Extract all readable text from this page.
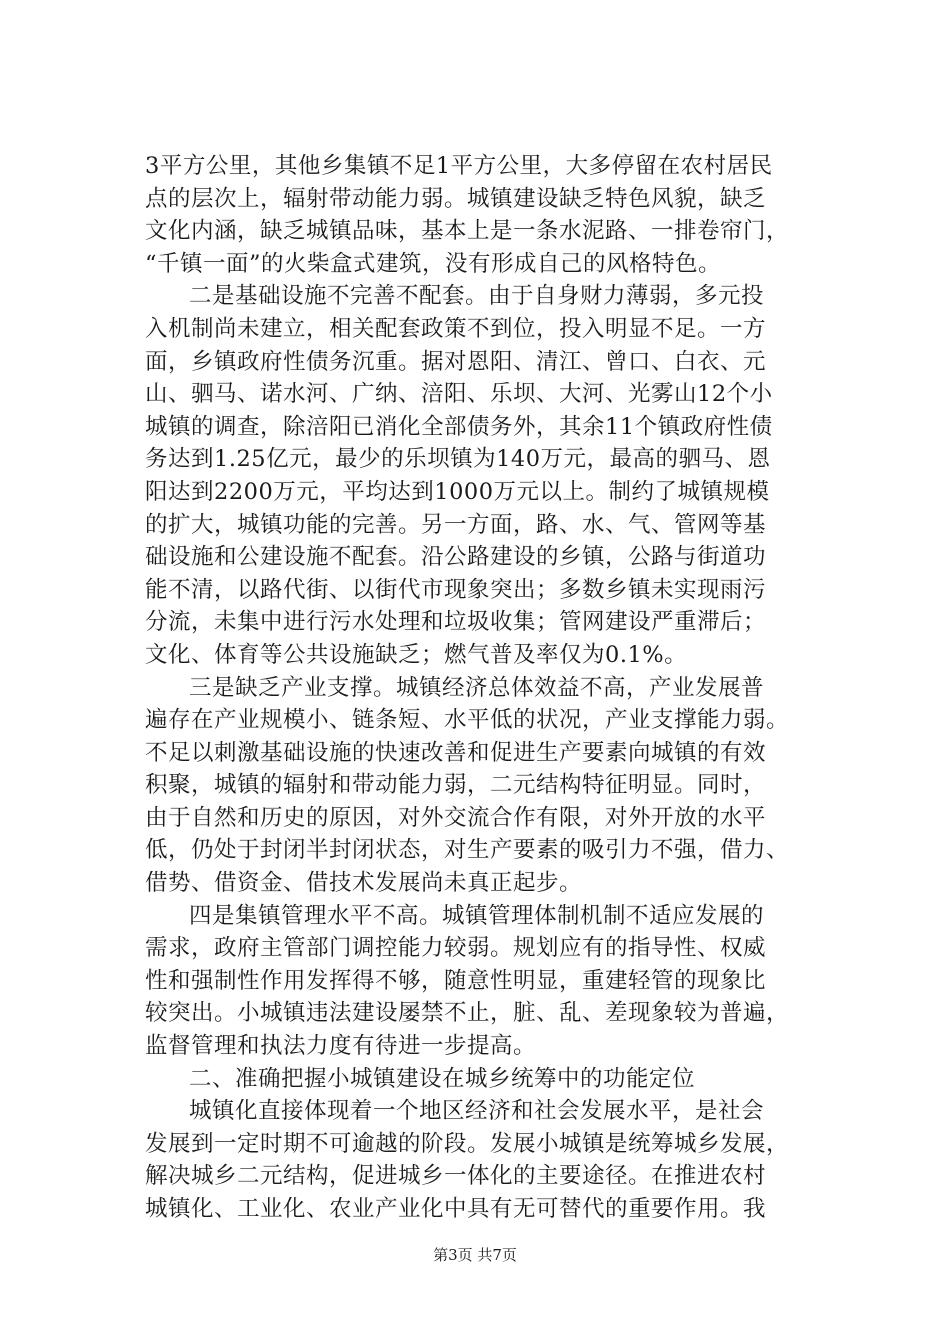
3平方公里，其他乡集镇不足1平方公里，大多停留在农村居民
点的层次上，辐射带动能力弱。城镇建设缺乏特色风貌，缺乏
文化内涵，缺乏城镇品味，基本上是一条水泥路、一排卷帘门，
“千镇一面”的火柴盒式建筑，没有形成自己的风格特色。
二是基础设施不完善不配套。由于自身财力薄弱，多元投
入机制尚未建立，相关配套政策不到位，投入明显不足。一方
面，乡镇政府性债务沉重。据对恩阳、清江、曾口、白衣、元
山、驷马、诺水河、广纳、涪阳、乐坝、大河、光雾山12个小
城镇的调查，除涪阳已消化全部债务外，其余11个镇政府性债
务达到1.25亿元，最少的乐坝镇为140万元，最高的驷马、恩
阳达到2200万元，平均达到1000万元以上。制约了城镇规模
的扩大，城镇功能的完善。另一方面，路、水、气、管网等基
础设施和公建设施不配套。沿公路建设的乡镇，公路与街道功
能不清，以路代街、以街代市现象突出；多数乡镇未实现雨污
分流，未集中进行污水处理和垃圾收集；管网建设严重滞后；
文化、体育等公共设施缺乏；燃气普及率仅为0.1%。
三是缺乏产业支撑。城镇经济总体效益不高，产业发展普
遍存在产业规模小、链条短、水平低的状况，产业支撑能力弱。
不足以刺激基础设施的快速改善和促进生产要素向城镇的有效
积聚，城镇的辐射和带动能力弱，二元结构特征明显。同时，
由于自然和历史的原因，对外交流合作有限，对外开放的水平
低，仍处于封闭半封闭状态，对生产要素的吸引力不强，借力、
借势、借资金、借技术发展尚未真正起步。
四是集镇管理水平不高。城镇管理体制机制不适应发展的
需求，政府主管部门调控能力较弱。规划应有的指导性、权威
性和强制性作用发挥得不够，随意性明显，重建轻管的现象比
较突出。小城镇违法建设屡禁不止，脏、乱、差现象较为普遍，
监督管理和执法力度有待进一步提高。
二、准确把握小城镇建设在城乡统筹中的功能定位
城镇化直接体现着一个地区经济和社会发展水平，是社会
发展到一定时期不可逾越的阶段。发展小城镇是统筹城乡发展，
解决城乡二元结构，促进城乡一体化的主要途径。在推进农村
城镇化、工业化、农业产业化中具有无可替代的重要作用。我
第3页 共7页
